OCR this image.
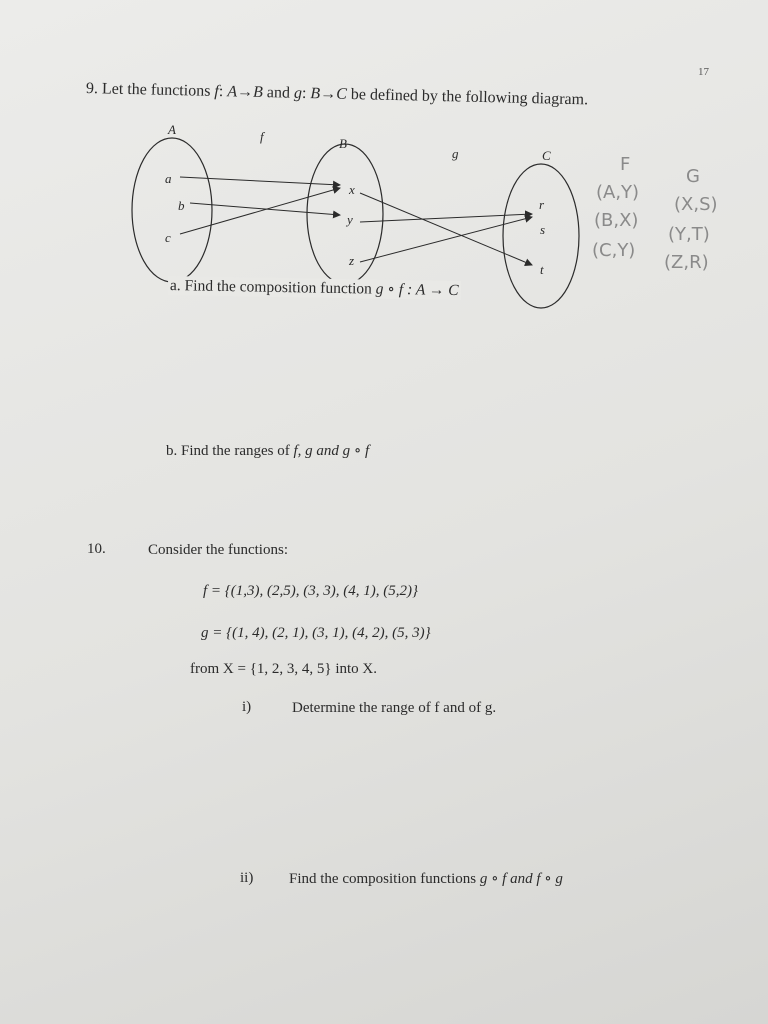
17
9. Let the functions f: A→B and g: B→C be defined by the following diagram.
A	f	B
g	C
a
b
c
x
y
z
r
s
t
F
(A,Y)
(B,X)
(C,Y)
G
(X,S)
(Y,T)
(Z,R)
a. Find the composition function g ∘ f : A → C
b. Find the ranges of f, g and g ∘ f
10.	Consider the functions:
f = {(1,3), (2,5), (3, 3), (4, 1), (5,2)}
g = {(1, 4), (2, 1), (3, 1), (4, 2), (5, 3)}
from X = {1, 2, 3, 4, 5} into X.
i)	Determine the range of f and of g.
ii) Find the composition functions g ∘ f and f ∘ g
